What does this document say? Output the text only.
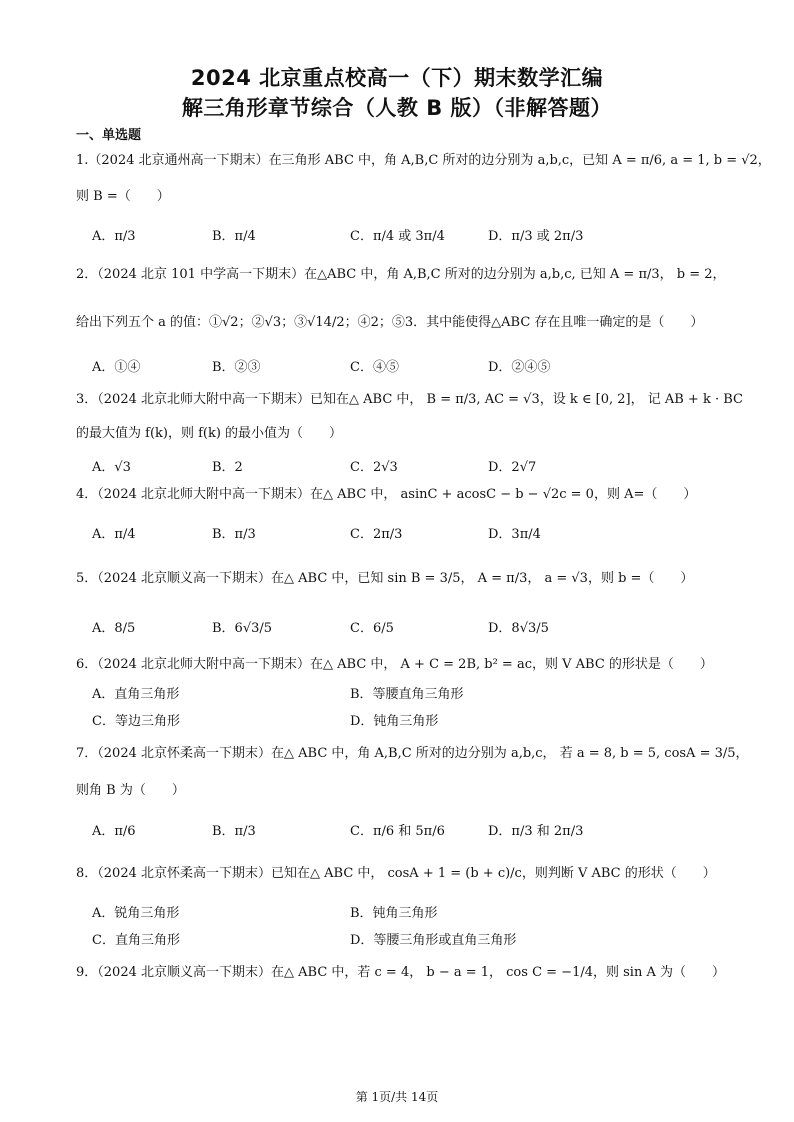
2024 北京重点校高一（下）期末数学汇编
解三角形章节综合（人教 B 版）（非解答题）
一、单选题
1.（2024 北京通州高一下期末）在三角形 ABC 中，角 A,B,C 所对的边分别为 a,b,c，已知 A = π/6, a = 1, b = √2，
则 B =（　　）
A．π/3	B．π/4	C．π/4 或 3π/4	D．π/3 或 2π/3
2．（2024 北京 101 中学高一下期末）在△ABC 中，角 A,B,C 所对的边分别为 a,b,c, 已知 A = π/3， b = 2，
给出下列五个 a 的值：①√2；②√3；③√14/2；④2；⑤3．其中能使得△ABC 存在且唯一确定的是（　　）
A．①④	B．②③	C．④⑤	D．②④⑤
3．（2024 北京北师大附中高一下期末）已知在△ ABC 中， B = π/3, AC = √3，设 k ∈ [0, 2]， 记 AB + k · BC
的最大值为 f(k)，则 f(k) 的最小值为（　　）
A．√3	B．2	C．2√3	D．2√7
4．（2024 北京北师大附中高一下期末）在△ ABC 中， asinC + acosC − b − √2c = 0，则 A=（　　）
A．π/4	B．π/3	C．2π/3	D．3π/4
5．（2024 北京顺义高一下期末）在△ ABC 中，已知 sin B = 3/5， A = π/3， a = √3，则 b =（　　）
A．8/5	B．6√3/5	C．6/5	D．8√3/5
6．（2024 北京北师大附中高一下期末）在△ ABC 中， A + C = 2B, b² = ac，则 V ABC 的形状是（　　）
A．直角三角形	B．等腰直角三角形
C．等边三角形	D．钝角三角形
7．（2024 北京怀柔高一下期末）在△ ABC 中，角 A,B,C 所对的边分别为 a,b,c， 若 a = 8, b = 5, cosA = 3/5，
则角 B 为（　　）
A．π/6	B．π/3	C．π/6 和 5π/6	D．π/3 和 2π/3
8．（2024 北京怀柔高一下期末）已知在△ ABC 中， cosA + 1 = (b + c)/c，则判断 V ABC 的形状（　　）
A．锐角三角形	B．钝角三角形
C．直角三角形	D．等腰三角形或直角三角形
9．（2024 北京顺义高一下期末）在△ ABC 中，若 c = 4， b − a = 1， cos C = −1/4，则 sin A 为（　　）
第 1页/共 14页
